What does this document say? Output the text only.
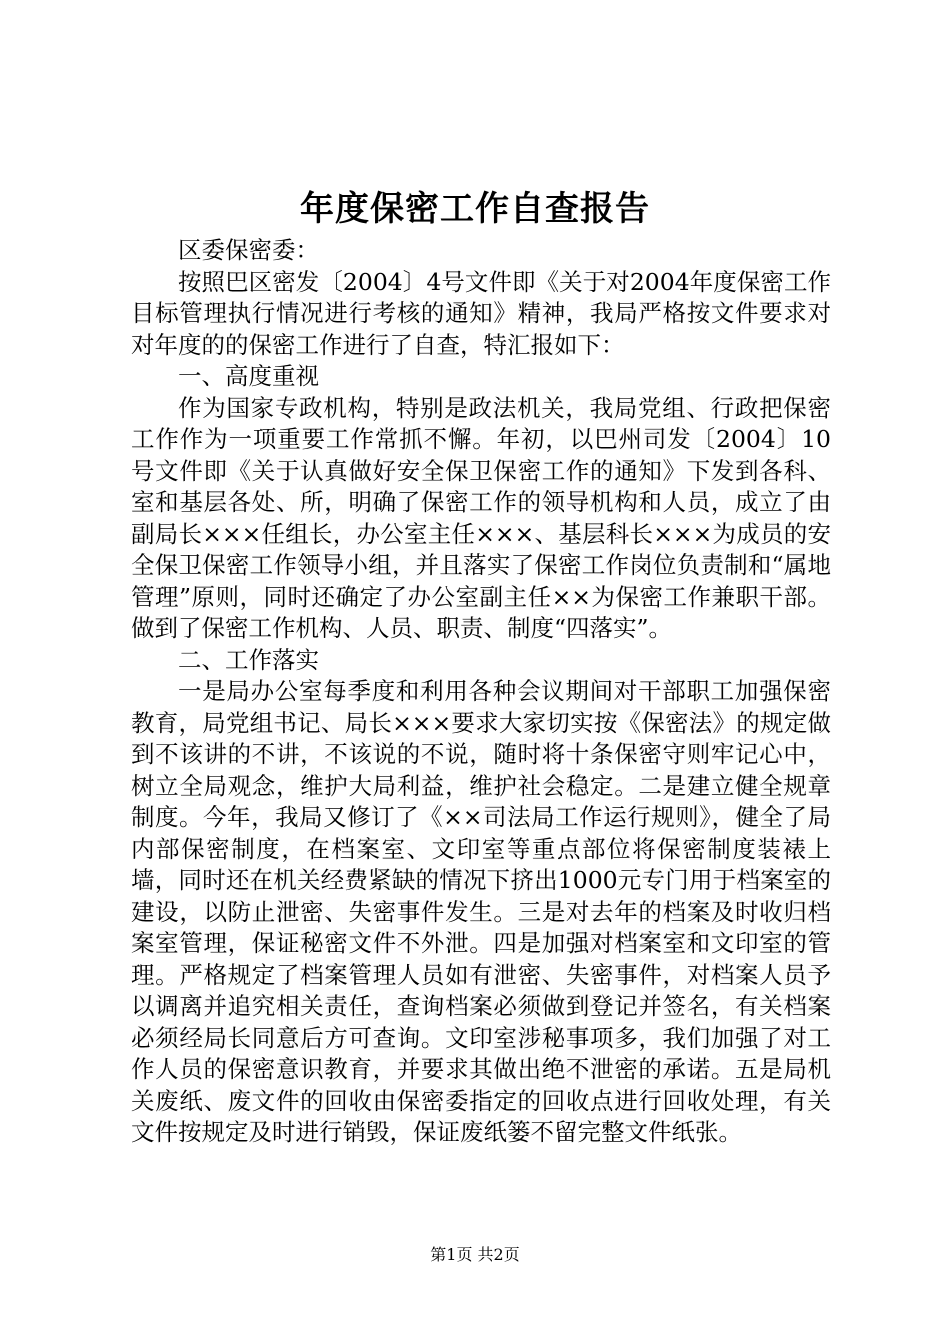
年度保密工作自查报告

区委保密委：

按照巴区密发〔2004〕4号文件即《关于对2004年度保密工作目标管理执行情况进行考核的通知》精神，我局严格按文件要求对对年度的的保密工作进行了自查，特汇报如下：

一、高度重视

作为国家专政机构，特别是政法机关，我局党组、行政把保密工作作为一项重要工作常抓不懈。年初，以巴州司发〔2004〕10号文件即《关于认真做好安全保卫保密工作的通知》下发到各科、室和基层各处、所，明确了保密工作的领导机构和人员，成立了由副局长×××任组长，办公室主任×××、基层科长×××为成员的安全保卫保密工作领导小组，并且落实了保密工作岗位负责制和“属地管理”原则，同时还确定了办公室副主任××为保密工作兼职干部。做到了保密工作机构、人员、职责、制度“四落实”。

二、工作落实

一是局办公室每季度和利用各种会议期间对干部职工加强保密教育，局党组书记、局长×××要求大家切实按《保密法》的规定做到不该讲的不讲，不该说的不说，随时将十条保密守则牢记心中，树立全局观念，维护大局利益，维护社会稳定。二是建立健全规章制度。今年，我局又修订了《××司法局工作运行规则》，健全了局内部保密制度，在档案室、文印室等重点部位将保密制度装裱上墙，同时还在机关经费紧缺的情况下挤出1000元专门用于档案室的建设，以防止泄密、失密事件发生。三是对去年的档案及时收归档案室管理，保证秘密文件不外泄。四是加强对档案室和文印室的管理。严格规定了档案管理人员如有泄密、失密事件，对档案人员予以调离并追究相关责任，查询档案必须做到登记并签名，有关档案必须经局长同意后方可查询。文印室涉秘事项多，我们加强了对工作人员的保密意识教育，并要求其做出绝不泄密的承诺。五是局机关废纸、废文件的回收由保密委指定的回收点进行回收处理，有关文件按规定及时进行销毁，保证废纸篓不留完整文件纸张。

第1页 共2页
